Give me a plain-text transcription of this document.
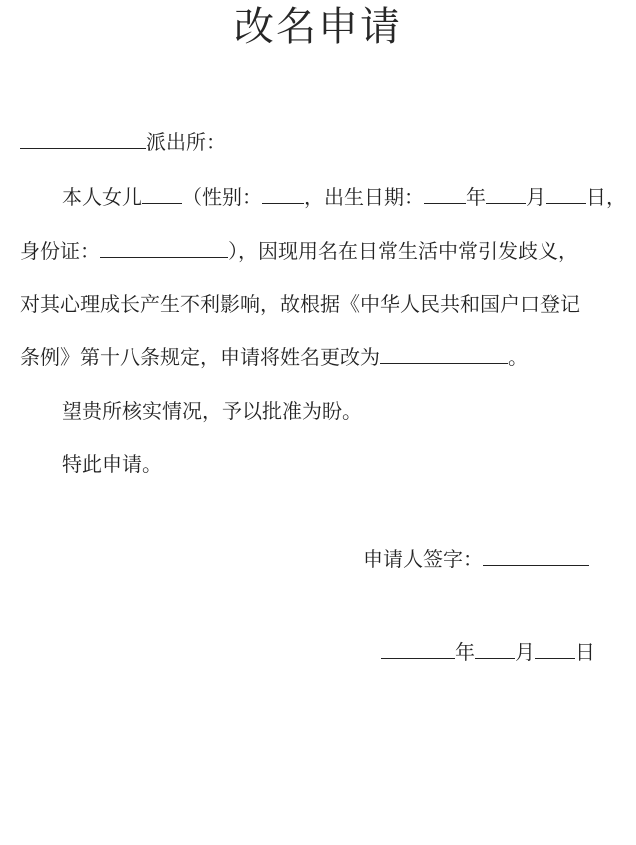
改名申请
派出所：
本人女儿 （性别： ，出生日期： 年 月 日，
身份证：	），因现用名在日常生活中常引发歧义，
对其心理成长产生不利影响，故根据《中华人民共和国户口登记
条例》第十八条规定，申请将姓名更改为	。
望贵所核实情况，予以批准为盼。
特此申请。
申请人签字：
年 月 日
